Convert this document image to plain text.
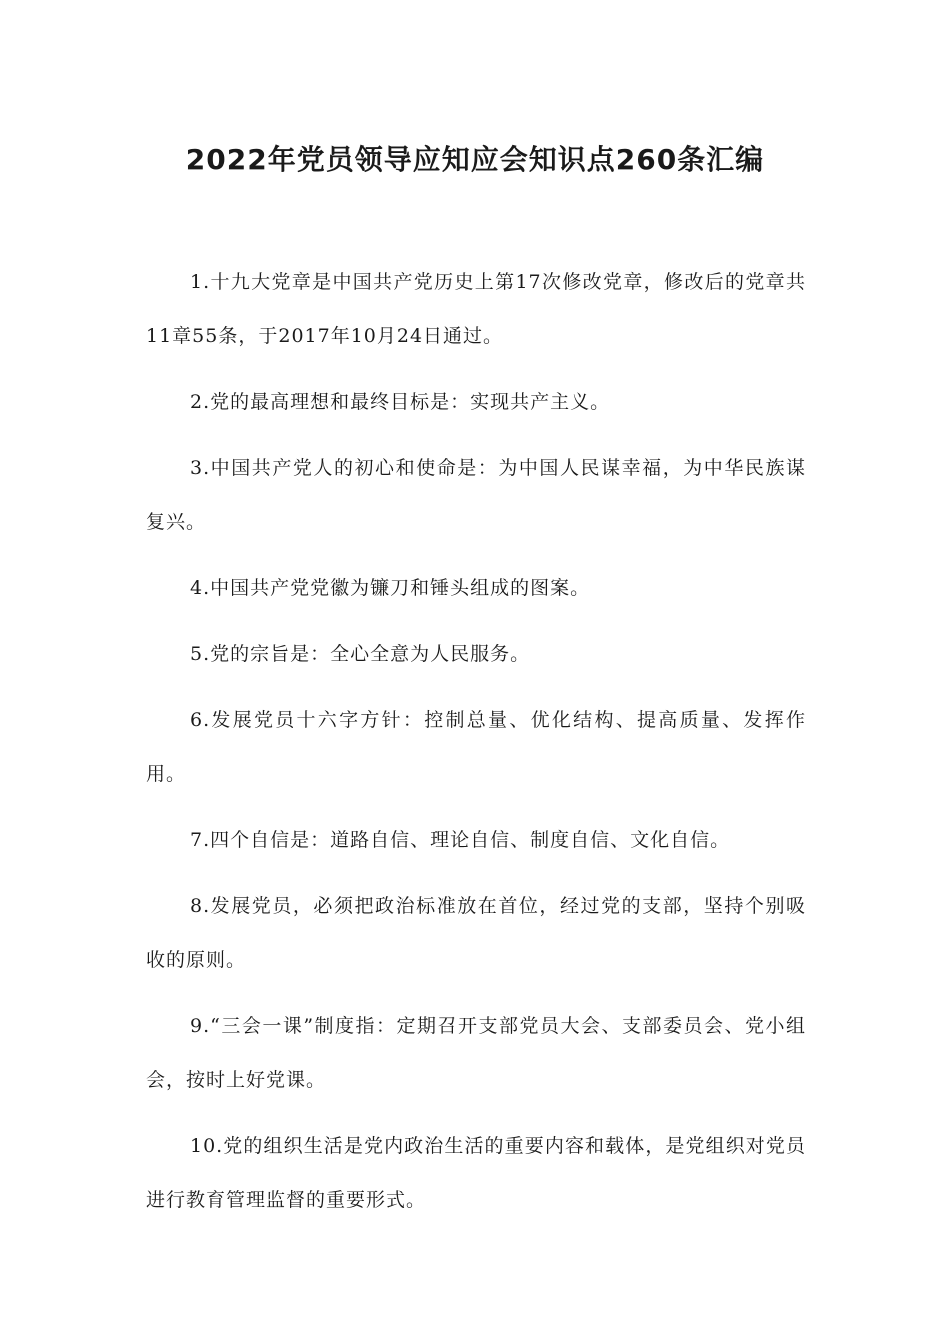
2022年党员领导应知应会知识点260条汇编

1.十九大党章是中国共产党历史上第17次修改党章，修改后的党章共11章55条，于2017年10月24日通过。

2.党的最高理想和最终目标是：实现共产主义。

3.中国共产党人的初心和使命是：为中国人民谋幸福，为中华民族谋复兴。

4.中国共产党党徽为镰刀和锤头组成的图案。

5.党的宗旨是：全心全意为人民服务。

6.发展党员十六字方针：控制总量、优化结构、提高质量、发挥作用。

7.四个自信是：道路自信、理论自信、制度自信、文化自信。

8.发展党员，必须把政治标准放在首位，经过党的支部，坚持个别吸收的原则。

9.“三会一课”制度指：定期召开支部党员大会、支部委员会、党小组会，按时上好党课。

10.党的组织生活是党内政治生活的重要内容和载体，是党组织对党员进行教育管理监督的重要形式。
